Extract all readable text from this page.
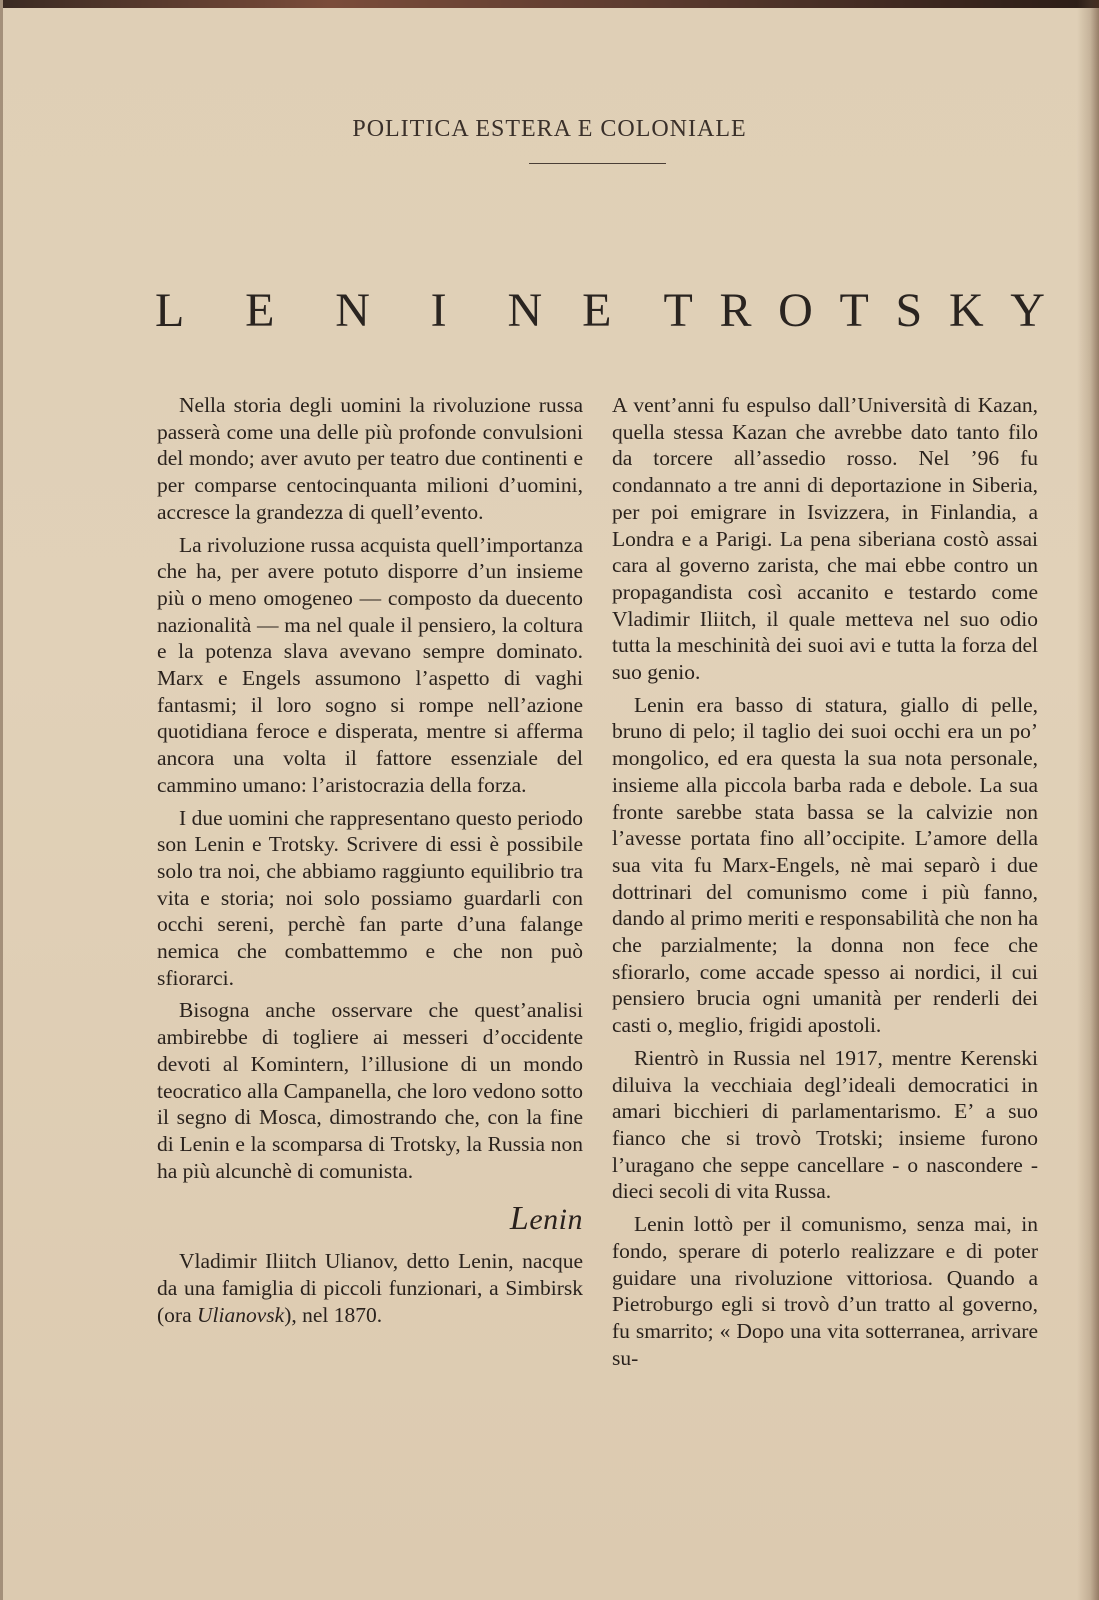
POLITICA ESTERA E COLONIALE
L E N I N E T R O T S K Y

Nella storia degli uomini la rivoluzione russa passerà come una delle più profonde convulsioni del mondo; aver avuto per teatro due continenti e per comparse centocinquanta milioni d’uomini, accresce la grandezza di quell’evento.

La rivoluzione russa acquista quell’importanza che ha, per avere potuto disporre d’un insieme più o meno omogeneo — composto da duecento nazionalità — ma nel quale il pensiero, la coltura e la potenza slava avevano sempre dominato. Marx e Engels assumono l’aspetto di vaghi fantasmi; il loro sogno si rompe nell’azione quotidiana feroce e disperata, mentre si afferma ancora una volta il fattore essenziale del cammino umano: l’aristocrazia della forza.

I due uomini che rappresentano questo periodo son Lenin e Trotsky. Scrivere di essi è possibile solo tra noi, che abbiamo raggiunto equilibrio tra vita e storia; noi solo possiamo guardarli con occhi sereni, perchè fan parte d’una falange nemica che combattemmo e che non può sfiorarci.

Bisogna anche osservare che quest’analisi ambirebbe di togliere ai messeri d’occidente devoti al Komintern, l’illusione di un mondo teocratico alla Campanella, che loro vedono sotto il segno di Mosca, dimostrando che, con la fine di Lenin e la scomparsa di Trotsky, la Russia non ha più alcunchè di comunista.

Lenin

Vladimir Iliitch Ulianov, detto Lenin, nacque da una famiglia di piccoli funzionari, a Simbirsk (ora Ulianovsk), nel 1870.

A vent’anni fu espulso dall’Università di Kazan, quella stessa Kazan che avrebbe dato tanto filo da torcere all’assedio rosso. Nel ’96 fu condannato a tre anni di deportazione in Siberia, per poi emigrare in Isvizzera, in Finlandia, a Londra e a Parigi. La pena siberiana costò assai cara al governo zarista, che mai ebbe contro un propagandista così accanito e testardo come Vladimir Iliitch, il quale metteva nel suo odio tutta la meschinità dei suoi avi e tutta la forza del suo genio.

Lenin era basso di statura, giallo di pelle, bruno di pelo; il taglio dei suoi occhi era un po’ mongolico, ed era questa la sua nota personale, insieme alla piccola barba rada e debole. La sua fronte sarebbe stata bassa se la calvizie non l’avesse portata fino all’occipite. L’amore della sua vita fu Marx-Engels, nè mai separò i due dottrinari del comunismo come i più fanno, dando al primo meriti e responsabilità che non ha che parzialmente; la donna non fece che sfiorarlo, come accade spesso ai nordici, il cui pensiero brucia ogni umanità per renderli dei casti o, meglio, frigidi apostoli.

Rientrò in Russia nel 1917, mentre Kerenski diluiva la vecchiaia degl’ideali democratici in amari bicchieri di parlamentarismo. E’ a suo fianco che si trovò Trotski; insieme furono l’uragano che seppe cancellare - o nascondere - dieci secoli di vita Russa.

Lenin lottò per il comunismo, senza mai, in fondo, sperare di poterlo realizzare e di poter guidare una rivoluzione vittoriosa. Quando a Pietroburgo egli si trovò d’un tratto al governo, fu smarrito; « Dopo una vita sotterranea, arrivare su-
